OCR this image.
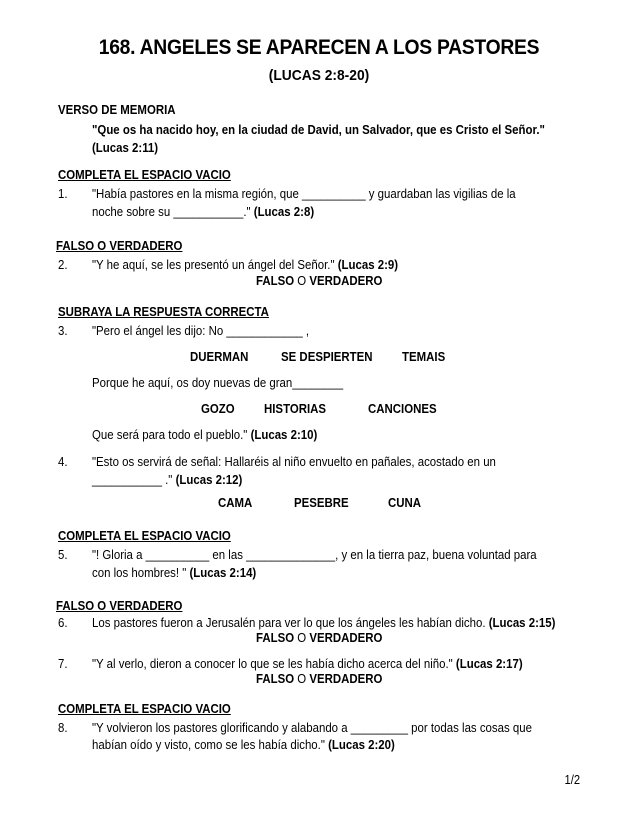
168. ANGELES SE APARECEN A LOS PASTORES
(LUCAS 2:8-20)
VERSO DE MEMORIA
"Que os ha nacido hoy, en la ciudad de David, un Salvador, que es Cristo el Señor."
(Lucas 2:11)
COMPLETA EL ESPACIO VACIO
1. "Había pastores en la misma región, que __________ y guardaban las vigilias de la
noche sobre su ___________." (Lucas 2:8)
FALSO O VERDADERO
2. "Y he aquí, se les presentó un ángel del Señor." (Lucas 2:9)
FALSO O VERDADERO
SUBRAYA LA RESPUESTA CORRECTA
3. "Pero el ángel les dijo: No ____________ ,
DUERMAN SE DESPIERTEN TEMAIS
Porque he aquí, os doy nuevas de gran________
GOZO HISTORIAS	CANCIONES
Que será para todo el pueblo." (Lucas 2:10)
4. "Esto os servirá de señal: Hallaréis al niño envuelto en pañales, acostado en un
___________ ." (Lucas 2:12)
CAMA	PESEBRE	CUNA
COMPLETA EL ESPACIO VACIO
5. "! Gloria a __________ en las ______________, y en la tierra paz, buena voluntad para
con los hombres! " (Lucas 2:14)
FALSO O VERDADERO
6. Los pastores fueron a Jerusalén para ver lo que los ángeles les habían dicho. (Lucas 2:15)
FALSO O VERDADERO
7. "Y al verlo, dieron a conocer lo que se les había dicho acerca del niño." (Lucas 2:17)
FALSO O VERDADERO
COMPLETA EL ESPACIO VACIO
8. "Y volvieron los pastores glorificando y alabando a _________ por todas las cosas que
habían oído y visto, como se les había dicho." (Lucas 2:20)
1/2
